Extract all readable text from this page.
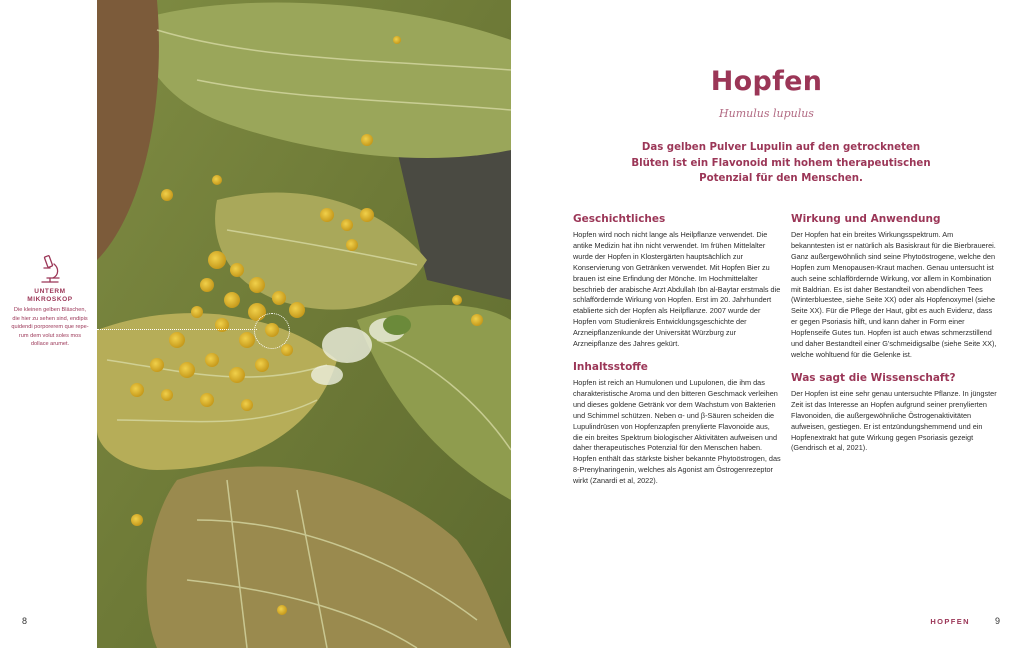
UNTERM
MIKROSKOP
Die kleinen gelben Bläschen, die hier zu sehen sind, endipis quidendi porporerem que reperum dem volut soles mos dollace arumet.
8
Hopfen
Humulus lupulus
Das gelben Pulver Lupulin auf den getrockneten Blüten ist ein Flavonoid mit hohem therapeutischen Potenzial für den Menschen.
Geschichtliches
Hopfen wird noch nicht lange als Heilpflanze verwendet. Die antike Medizin hat ihn nicht verwendet. Im frühen Mittelalter wurde der Hopfen in Klostergärten hauptsächlich zur Konservierung von Getränken verwendet. Mit Hopfen Bier zu brauen ist eine Erfindung der Mönche. Im Hochmittelalter beschrieb der arabische Arzt Abdullah Ibn al-Baytar erstmals die schlaffördernde Wirkung von Hopfen. Erst im 20. Jahrhundert etablierte sich der Hopfen als Heilpflanze. 2007 wurde der Hopfen vom Studienkreis Entwicklungsgeschichte der Arzneipflanzenkunde der Universität Würzburg zur Arzneipflanze des Jahres gekürt.
Inhaltsstoffe
Hopfen ist reich an Humulonen und Lupulonen, die ihm das charakteristische Aroma und den bitteren Geschmack verleihen und dieses goldene Getränk vor dem Wachstum von Bakterien und Schimmel schützen. Neben α- und β-Säuren scheiden die Lupulindrüsen von Hopfenzapfen prenylierte Flavonoide aus, die ein breites Spektrum biologischer Aktivitäten aufweisen und daher therapeutisches Potenzial für den Menschen haben. Hopfen enthält das stärkste bisher bekannte Phytoöstrogen, das 8-Prenylnaringenin, welches als Agonist am Östrogenrezeptor wirkt (Zanardi et al, 2022).
Wirkung und Anwendung
Der Hopfen hat ein breites Wirkungsspektrum. Am bekanntesten ist er natürlich als Basiskraut für die Bierbrauerei. Ganz außergewöhnlich sind seine Phytoöstrogene, welche den Hopfen zum Menopausen-Kraut machen. Genau untersucht ist auch seine schlaffördernde Wirkung, vor allem in Kombination mit Baldrian. Es ist daher Bestandteil von abendlichen Tees (Winterbluestee, siehe Seite XX) oder als Hopfenoxymel (siehe Seite XX). Für die Pflege der Haut, gibt es auch Evidenz, dass er gegen Psoriasis hilft, und kann daher in Form einer Hopfenseife Gutes tun. Hopfen ist auch etwas schmerzstillend und daher Bestandteil einer G'schmeidigsalbe (siehe Seite XX), welche wohltuend für die Gelenke ist.
Was sagt die Wissenschaft?
Der Hopfen ist eine sehr genau untersuchte Pflanze. In jüngster Zeit ist das Interesse an Hopfen aufgrund seiner prenylierten Flavonoiden, die außergewöhnliche Östrogenaktivitäten aufweisen, gestiegen. Er ist entzündungshemmend und ein Hopfenextrakt hat gute Wirkung gegen Psoriasis gezeigt (Gendrisch et al, 2021).
HOPFEN	9
